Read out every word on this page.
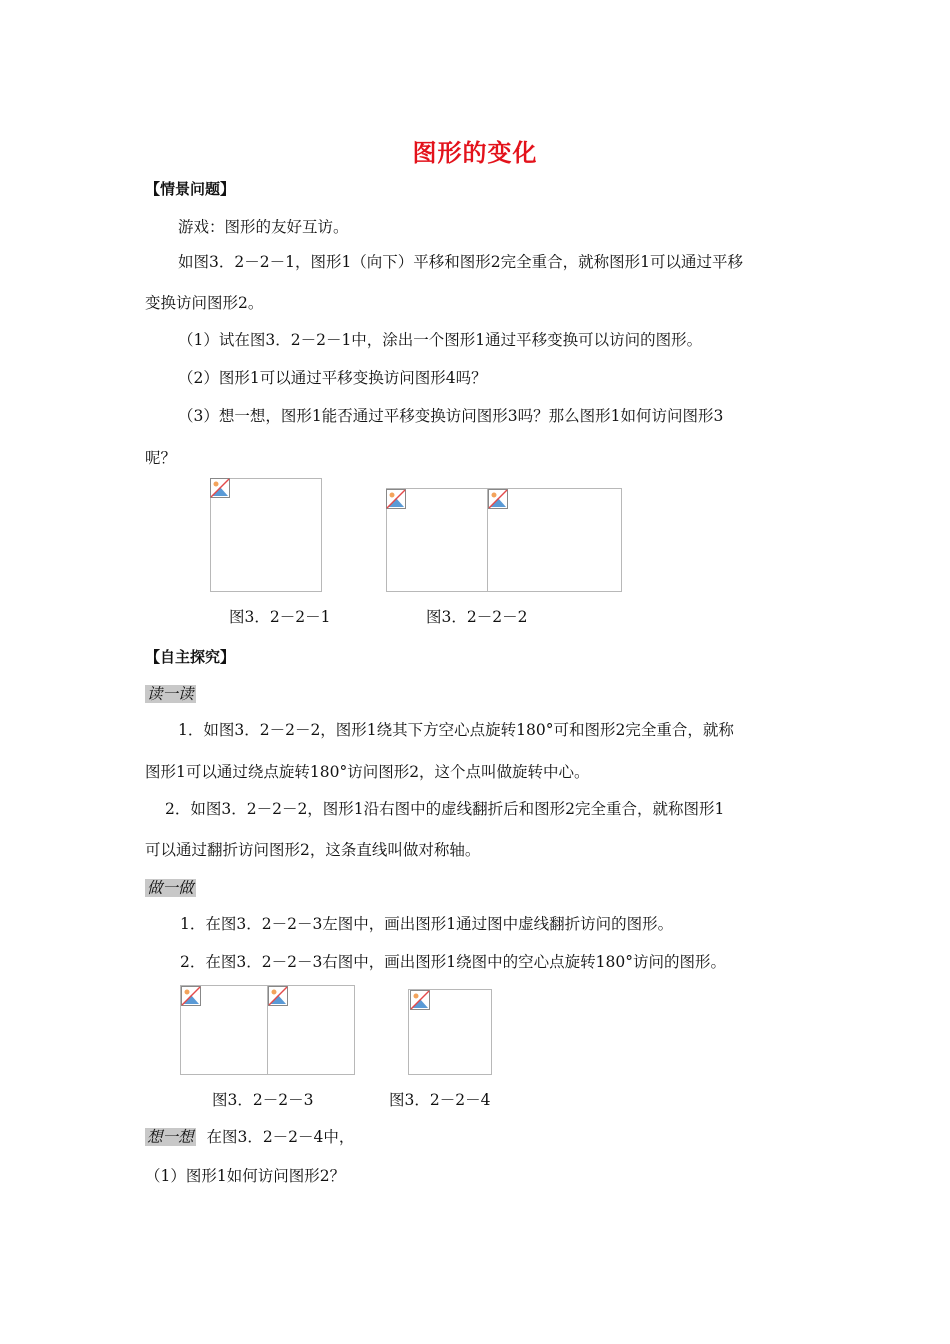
图形的变化
【情景问题】
游戏：图形的友好互访。
如图3．2－2－1，图形1（向下）平移和图形2完全重合，就称图形1可以通过平移
变换访问图形2。
（1）试在图3．2－2－1中，涂出一个图形1通过平移变换可以访问的图形。
（2）图形1可以通过平移变换访问图形4吗？
（3）想一想，图形1能否通过平移变换访问图形3吗？那么图形1如何访问图形3
呢？
图3．2－2－1	图3．2－2－2
【自主探究】
读一读
1．如图3．2－2－2，图形1绕其下方空心点旋转180°可和图形2完全重合，就称
图形1可以通过绕点旋转180°访问图形2，这个点叫做旋转中心。
2．如图3．2－2－2，图形1沿右图中的虚线翻折后和图形2完全重合，就称图形1
可以通过翻折访问图形2，这条直线叫做对称轴。
做一做
1．在图3．2－2－3左图中，画出图形1通过图中虚线翻折访问的图形。
2．在图3．2－2－3右图中，画出图形1绕图中的空心点旋转180°访问的图形。
图3．2－2－3	图3．2－2－4
想一想 在图3．2－2－4中，
（1）图形1如何访问图形2？
